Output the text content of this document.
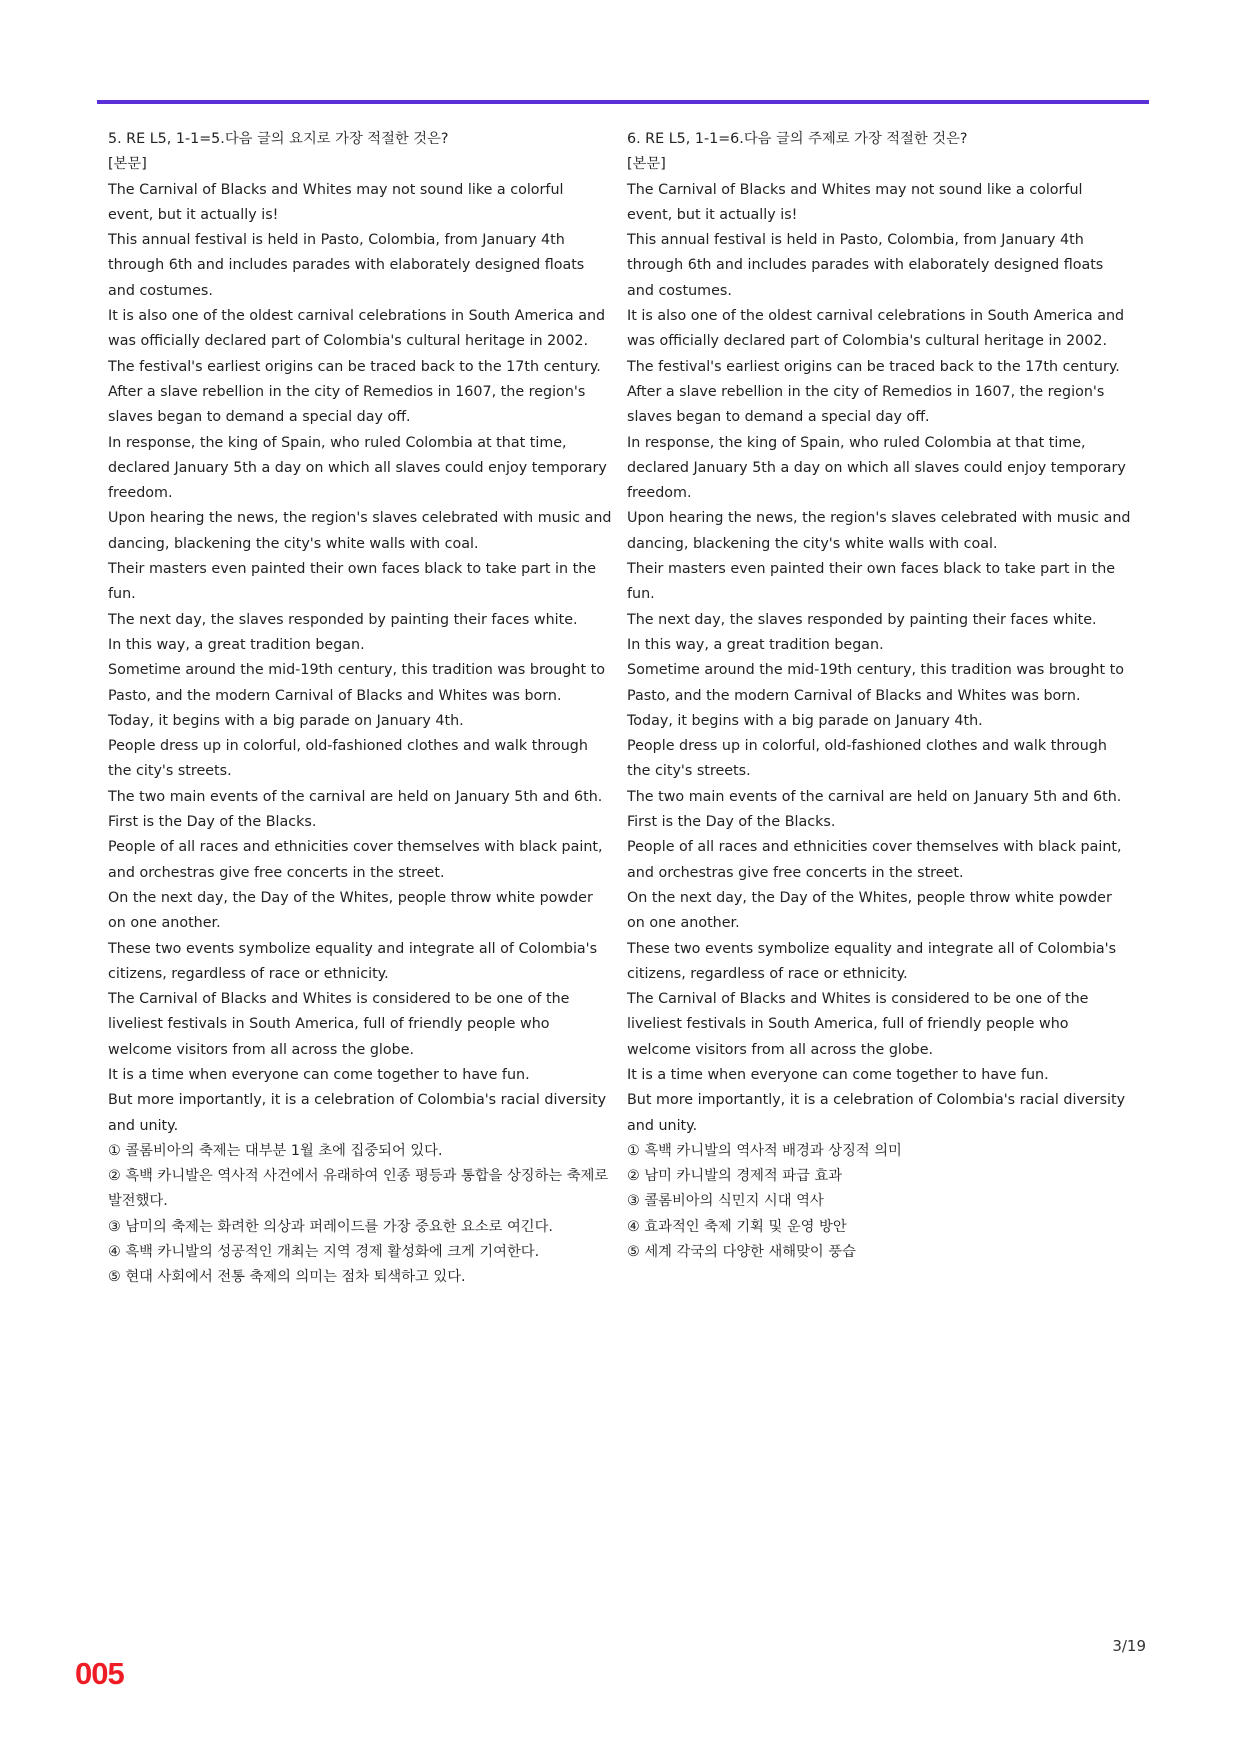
5. RE L5, 1-1=5.다음 글의 요지로 가장 적절한 것은?

[본문]

The Carnival of Blacks and Whites may not sound like a colorful event, but it actually is!

This annual festival is held in Pasto, Colombia, from January 4th through 6th and includes parades with elaborately designed floats and costumes.

It is also one of the oldest carnival celebrations in South America and was officially declared part of Colombia's cultural heritage in 2002.

The festival's earliest origins can be traced back to the 17th century.

After a slave rebellion in the city of Remedios in 1607, the region's slaves began to demand a special day off.

In response, the king of Spain, who ruled Colombia at that time, declared January 5th a day on which all slaves could enjoy temporary freedom.

Upon hearing the news, the region's slaves celebrated with music and dancing, blackening the city's white walls with coal.

Their masters even painted their own faces black to take part in the fun.

The next day, the slaves responded by painting their faces white.

In this way, a great tradition began.

Sometime around the mid-19th century, this tradition was brought to Pasto, and the modern Carnival of Blacks and Whites was born.

Today, it begins with a big parade on January 4th.

People dress up in colorful, old-fashioned clothes and walk through the city's streets.

The two main events of the carnival are held on January 5th and 6th.

First is the Day of the Blacks.

People of all races and ethnicities cover themselves with black paint, and orchestras give free concerts in the street.

On the next day, the Day of the Whites, people throw white powder on one another.

These two events symbolize equality and integrate all of Colombia's citizens, regardless of race or ethnicity.

The Carnival of Blacks and Whites is considered to be one of the liveliest festivals in South America, full of friendly people who welcome visitors from all across the globe.

It is a time when everyone can come together to have fun.

But more importantly, it is a celebration of Colombia's racial diversity and unity.

① 콜롬비아의 축제는 대부분 1월 초에 집중되어 있다.

② 흑백 카니발은 역사적 사건에서 유래하여 인종 평등과 통합을 상징하는 축제로 발전했다.

③ 남미의 축제는 화려한 의상과 퍼레이드를 가장 중요한 요소로 여긴다.

④ 흑백 카니발의 성공적인 개최는 지역 경제 활성화에 크게 기여한다.

⑤ 현대 사회에서 전통 축제의 의미는 점차 퇴색하고 있다.

6. RE L5, 1-1=6.다음 글의 주제로 가장 적절한 것은?

[본문]

The Carnival of Blacks and Whites may not sound like a colorful event, but it actually is!

This annual festival is held in Pasto, Colombia, from January 4th through 6th and includes parades with elaborately designed floats and costumes.

It is also one of the oldest carnival celebrations in South America and was officially declared part of Colombia's cultural heritage in 2002.

The festival's earliest origins can be traced back to the 17th century.

After a slave rebellion in the city of Remedios in 1607, the region's slaves began to demand a special day off.

In response, the king of Spain, who ruled Colombia at that time, declared January 5th a day on which all slaves could enjoy temporary freedom.

Upon hearing the news, the region's slaves celebrated with music and dancing, blackening the city's white walls with coal.

Their masters even painted their own faces black to take part in the fun.

The next day, the slaves responded by painting their faces white.

In this way, a great tradition began.

Sometime around the mid-19th century, this tradition was brought to Pasto, and the modern Carnival of Blacks and Whites was born.

Today, it begins with a big parade on January 4th.

People dress up in colorful, old-fashioned clothes and walk through the city's streets.

The two main events of the carnival are held on January 5th and 6th.

First is the Day of the Blacks.

People of all races and ethnicities cover themselves with black paint, and orchestras give free concerts in the street.

On the next day, the Day of the Whites, people throw white powder on one another.

These two events symbolize equality and integrate all of Colombia's citizens, regardless of race or ethnicity.

The Carnival of Blacks and Whites is considered to be one of the liveliest festivals in South America, full of friendly people who welcome visitors from all across the globe.

It is a time when everyone can come together to have fun.

But more importantly, it is a celebration of Colombia's racial diversity and unity.

① 흑백 카니발의 역사적 배경과 상징적 의미

② 남미 카니발의 경제적 파급 효과

③ 콜롬비아의 식민지 시대 역사

④ 효과적인 축제 기획 및 운영 방안

⑤ 세계 각국의 다양한 새해맞이 풍습

3/19
005
